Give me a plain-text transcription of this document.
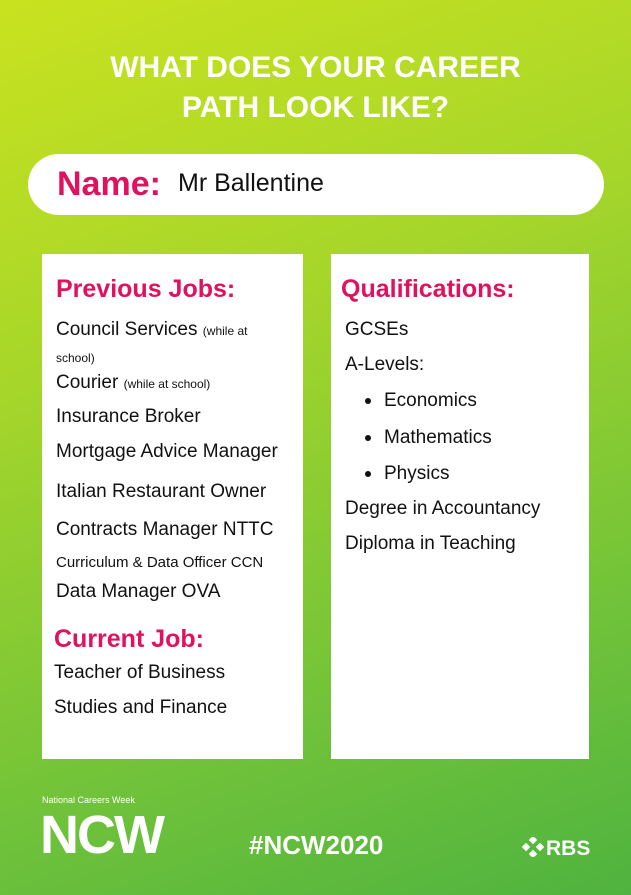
WHAT DOES YOUR CAREER
PATH LOOK LIKE?
Name: Mr Ballentine
Previous Jobs:
Council Services (while at
school)
Courier (while at school)
Insurance Broker
Mortgage Advice Manager
Italian Restaurant Owner
Contracts Manager NTTC
Curriculum & Data Officer CCN
Data Manager OVA
Current Job:
Teacher of Business
Studies and Finance
Qualifications:
GCSEs
A-Levels:
Economics
Mathematics
Physics
Degree in Accountancy
Diploma in Teaching
National Careers Week
NCW	#NCW2020	RBS
